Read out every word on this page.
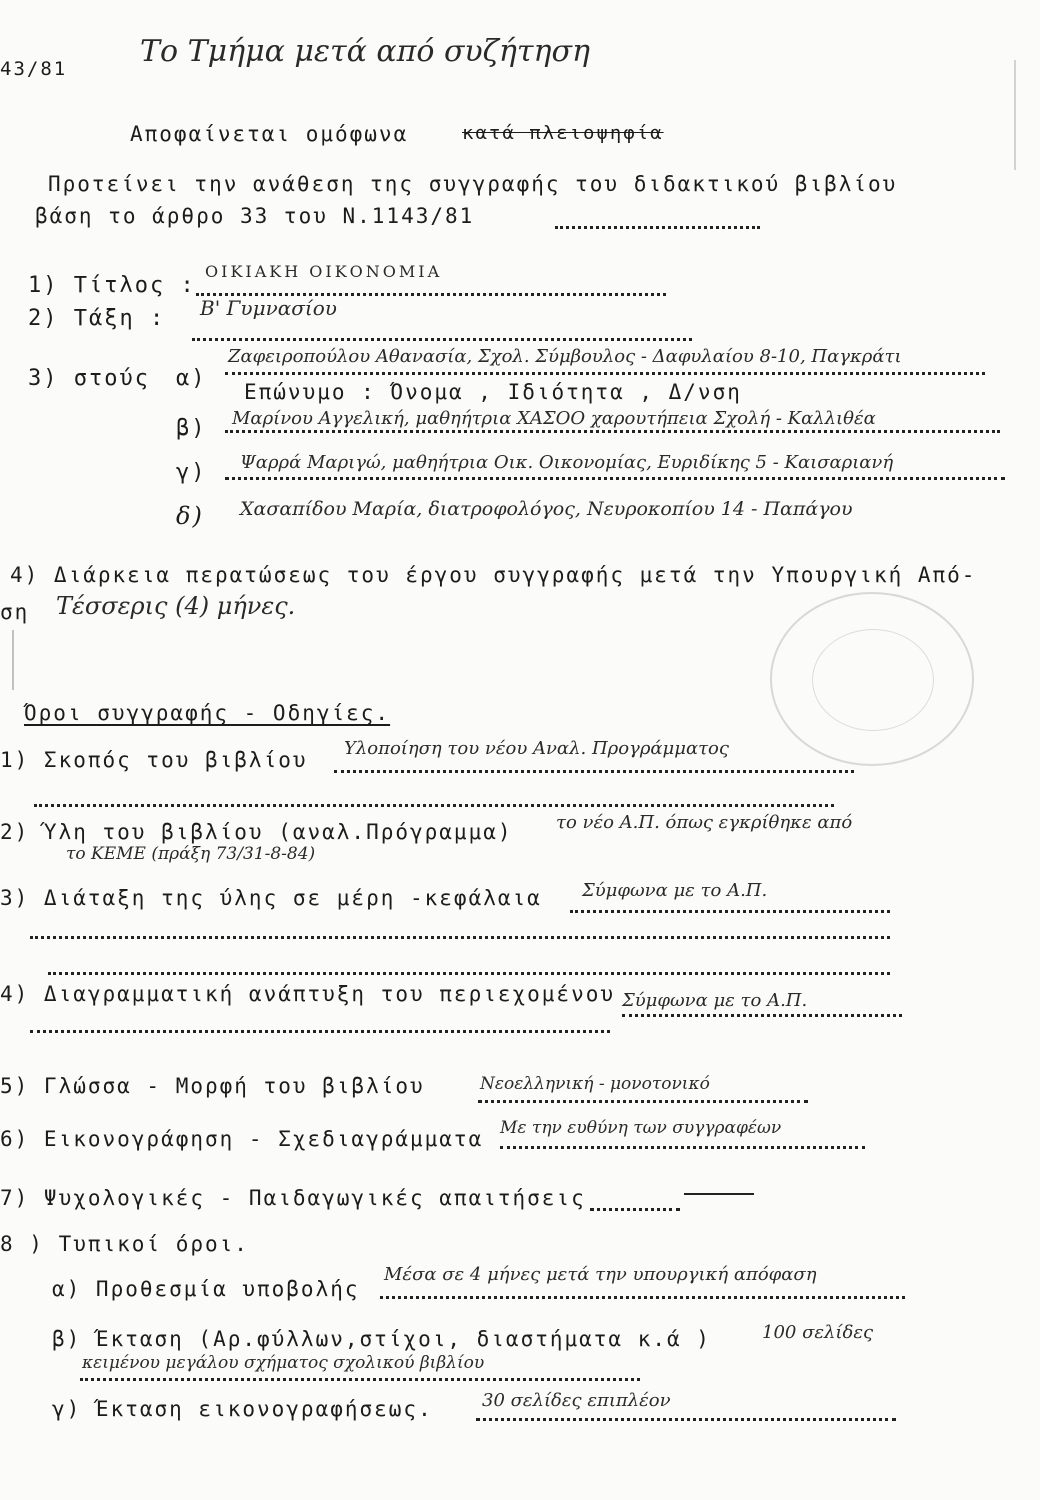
43/81 Το Τμήμα μετά από συζήτηση
Αποφαίνεται ομόφωνα	κατά πλειοψηφία
Προτείνει την ανάθεση της συγγραφής του διδακτικού βιβλίου
βάση το άρθρο 33 του Ν.1143/81
1) Τίτλος :
ΟΙΚΙΑΚΗ ΟΙΚΟΝΟΜΙΑ
2) Τάξη : Β' Γυμνασίου
3) στούς α)
Ζαφειροπούλου Αθανασία, Σχολ. Σύμβουλος - Δαφυλαίου 8-10, Παγκράτι
Επώνυμο : Όνομα , Ιδιότητα , Δ/νση
β) Μαρίνου Αγγελική, μαθηήτρια ΧΑΣΟΟ χαρουτήπεια Σχολή - Καλλιθέα
γ) Ψαρρά Μαριγώ, μαθηήτρια Οικ. Οικονομίας, Ευριδίκης 5 - Καισαριανή
δ) Χασαπίδου Μαρία, διατροφολόγος, Νευροκοπίου 14 - Παπάγου
4) Διάρκεια περατώσεως του έργου συγγραφής μετά την Υπουργική Από-
ση Τέσσερις (4) μήνες.
Όροι συγγραφής - Οδηγίες.
1) Σκοπός του βιβλίου Υλοποίηση του νέου Αναλ. Προγράμματος
2) Ύλη του βιβλίου (αναλ.Πρόγραμμα) το νέο Α.Π. όπως εγκρίθηκε από
το ΚΕΜΕ (πράξη 73/31-8-84)
3) Διάταξη της ύλης σε μέρη -κεφάλαια Σύμφωνα με το Α.Π.
4) Διαγραμματική ανάπτυξη του περιεχομένου Σύμφωνα με το Α.Π.
5) Γλώσσα - Μορφή του βιβλίου	Νεοελληνική - μονοτονικό
6) Εικονογράφηση - Σχεδιαγράμματα Με την ευθύνη των συγγραφέων
7) Ψυχολογικές - Παιδαγωγικές απαιτήσεις
8 ) Τυπικοί όροι.
α) Προθεσμία υποβολής
Μέσα σε 4 μήνες μετά την υπουργική απόφαση
β) Έκταση (Αρ.φύλλων,στίχοι, διαστήματα κ.ά )	100 σελίδες
κειμένου μεγάλου σχήματος σχολικού βιβλίου
γ) Έκταση εικονογραφήσεως.	30 σελίδες επιπλέον
